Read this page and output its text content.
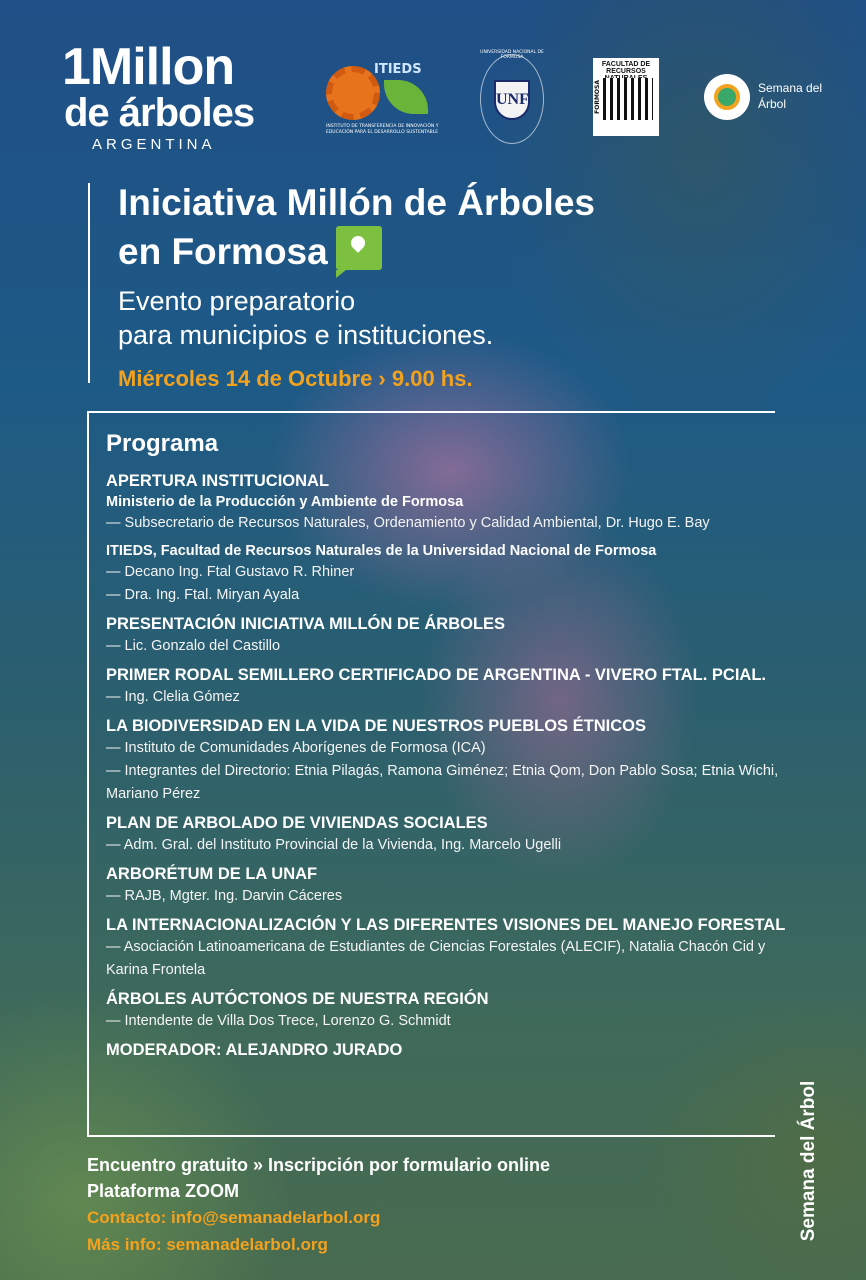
1Millon
de árboles
ARGENTINA
ITIEDS
INSTITUTO DE TRANSFERENCIA DE INNOVACIÓN Y EDUCACIÓN PARA EL DESARROLLO SUSTENTABLE
UNIVERSIDAD NACIONAL DE FORMOSA
UNF
FACULTAD DE RECURSOS
FORMOSA	Semana del Árbol
Iniciativa Millón de Árboles
en Formosa
Evento preparatorio
para municipios e instituciones.
Miércoles 14 de Octubre › 9.00 hs.
Programa
APERTURA INSTITUCIONAL
Ministerio de la Producción y Ambiente de Formosa
— Subsecretario de Recursos Naturales, Ordenamiento y Calidad Ambiental, Dr. Hugo E. Bay
ITIEDS, Facultad de Recursos Naturales de la Universidad Nacional de Formosa
— Decano Ing. Ftal Gustavo R. Rhiner
— Dra. Ing. Ftal. Miryan Ayala
PRESENTACIÓN INICIATIVA MILLÓN DE ÁRBOLES
— Lic. Gonzalo del Castillo
PRIMER RODAL SEMILLERO CERTIFICADO DE ARGENTINA - VIVERO FTAL. PCIAL.
— Ing. Clelia Gómez
LA BIODIVERSIDAD EN LA VIDA DE NUESTROS PUEBLOS ÉTNICOS
— Instituto de Comunidades Aborígenes de Formosa (ICA)
— Integrantes del Directorio: Etnia Pilagás, Ramona Giménez; Etnia Qom, Don Pablo Sosa; Etnia Wichi, Mariano Pérez
PLAN DE ARBOLADO DE VIVIENDAS SOCIALES
— Adm. Gral. del Instituto Provincial de la Vivienda, Ing. Marcelo Ugelli
ARBORÉTUM DE LA UNAF
— RAJB, Mgter. Ing. Darvin Cáceres
LA INTERNACIONALIZACIÓN Y LAS DIFERENTES VISIONES DEL MANEJO FORESTAL
— Asociación Latinoamericana de Estudiantes de Ciencias Forestales (ALECIF), Natalia Chacón Cid y Karina Frontela
ÁRBOLES AUTÓCTONOS DE NUESTRA REGIÓN
— Intendente de Villa Dos Trece, Lorenzo G. Schmidt
MODERADOR: ALEJANDRO JURADO
Encuentro gratuito » Inscripción por formulario online
Plataforma ZOOM
Contacto: info@semanadelarbol.org
Más info: semanadelarbol.org
Semana del Árbol
